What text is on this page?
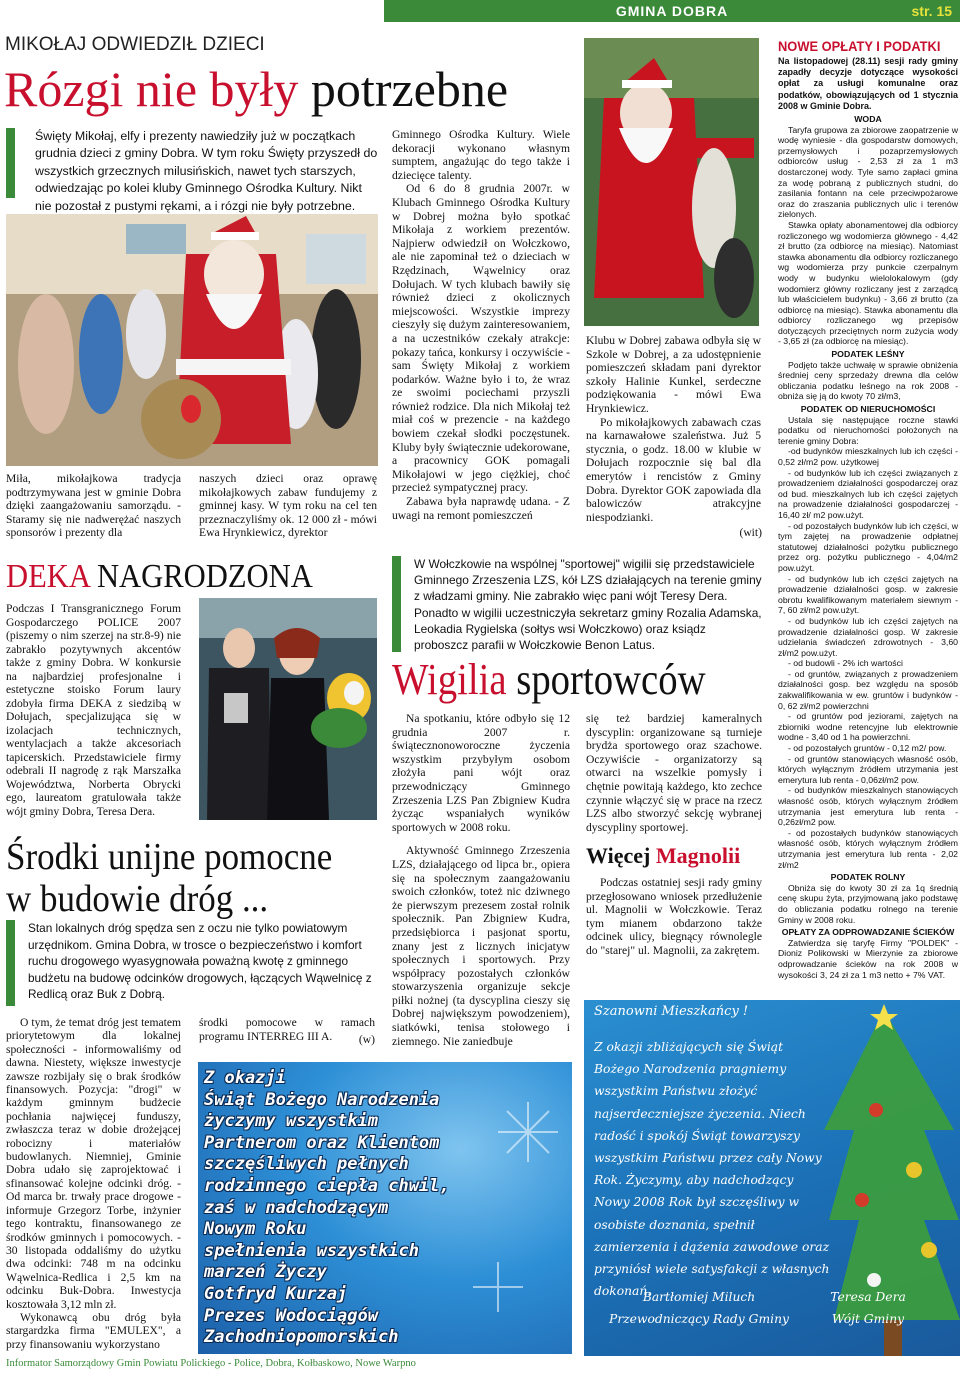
GMINA DOBRA	str. 15
MIKOŁAJ ODWIEDZIŁ DZIECI
Rózgi nie były potrzebne
Święty Mikołaj, elfy i prezenty nawiedziły już w początkach grudnia dzieci z gminy Dobra. W tym roku Święty przyszedł do wszystkich grzecznych milusińskich, nawet tych starszych, odwiedzając po kolei kluby Gminnego Ośrodka Kultury. Nikt nie pozostał z pustymi rękami, a i rózgi nie były potrzebne.
Miła, mikołajkowa tradycja podtrzymywana jest w gminie Dobra dzięki zaangażowaniu samorządu. - Staramy się nie nadwerężać naszych sponsorów i prezenty dla
naszych dzieci oraz oprawę mikołajkowych zabaw fundujemy z gminnej kasy. W tym roku na cel ten przeznaczyliśmy ok. 12 000 zł - mówi Ewa Hrynkiewicz, dyrektor

Gminnego Ośrodka Kultury. Wiele dekoracji wykonano własnym sumptem, angażując do tego także i dziecięce talenty.

Od 6 do 8 grudnia 2007r. w Klubach Gminnego Ośrodka Kultury w Dobrej można było spotkać Mikołaja z workiem prezentów. Najpierw odwiedził on Wołczkowo, ale nie zapominał też o dzieciach w Rzędzinach, Wąwelnicy oraz Dołujach. W tych klubach bawiły się również dzieci z okolicznych miejscowości. Wszystkie imprezy cieszyły się dużym zainteresowaniem, a na uczestników czekały atrakcje: pokazy tańca, konkursy i oczywiście - sam Święty Mikołaj z workiem podarków. Ważne było i to, że wraz ze swoimi pociechami przyszli również rodzice. Dla nich Mikołaj też miał coś w prezencie - na każdego bowiem czekał słodki poczęstunek. Kluby były świątecznie udekorowane, a pracownicy GOK pomagali Mikołajowi w jego ciężkiej, choć przecież sympatycznej pracy.

Zabawa była naprawdę udana. - Z uwagi na remont pomieszczeń

Klubu w Dobrej zabawa odbyła się w Szkole w Dobrej, a za udostępnienie pomieszczeń składam pani dyrektor szkoły Halinie Kunkel, serdeczne podziękowania - mówi Ewa Hrynkiewicz.

Po mikołajkowych zabawach czas na karnawałowe szaleństwa. Już 5 stycznia, o godz. 18.00 w klubie w Dołujach rozpocznie się bal dla emerytów i rencistów z Gminy Dobra. Dyrektor GOK zapowiada dla balowiczów atrakcyjne niespodzianki.

(wit)
DEKA NAGRODZONA
Podczas I Transgranicznego Forum Gospodarczego POLICE 2007 (piszemy o nim szerzej na str.8-9) nie zabrakło pozytywnych akcentów także z gminy Dobra. W konkursie na najbardziej profesjonalne i estetyczne stoisko Forum laury zdobyła firma DEKA z siedzibą w Dołujach, specjalizująca się w izolacjach technicznych, wentylacjach a także akcesoriach tapicerskich. Przedstawiciele firmy odebrali II nagrodę z rąk Marszałka Województwa, Norberta Obrycki ego, laureatom gratulowała także wójt gminy Dobra, Teresa Dera.
Środki unijne pomocne
w budowie dróg ...
Stan lokalnych dróg spędza sen z oczu nie tylko powiatowym urzędnikom. Gmina Dobra, w trosce o bezpieczeństwo i komfort ruchu drogowego wyasygnowała poważną kwotę z gminnego budżetu na budowę odcinków drogowych, łączących Wąwelnicę z Redlicą oraz Buk z Dobrą.

O tym, że temat dróg jest tematem priorytetowym dla lokalnej społeczności - informowaliśmy od dawna. Niestety, większe inwestycje zawsze rozbijały się o brak środków finansowych. Pozycja: "drogi" w każdym gminnym budżecie pochłania najwięcej funduszy, zwłaszcza teraz w dobie drożejącej robocizny i materiałów budowlanych. Niemniej, Gminie Dobra udało się zaprojektować i sfinansować kolejne odcinki dróg. - Od marca br. trwały prace drogowe - informuje Grzegorz Torbe, inżynier tego kontraktu, finansowanego ze środków gminnych i pomocowych. - 30 listopada oddaliśmy do użytku dwa odcinki: 748 m na odcinku Wąwelnica-Redlica i 2,5 km na odcinku Buk-Dobra. Inwestycja kosztowała 3,12 mln zł.

Wykonawcą obu dróg była stargardzka firma "EMULEX", a przy finansowaniu wykorzystano

środki pomocowe w ramach programu INTERREG III A.	(w)
Z okazji
Świąt Bożego Narodzenia
życzymy wszystkim
Partnerom oraz Klientom
szczęśliwych pełnych
rodzinnego ciepła chwil,
zaś w nadchodzącym
Nowym Roku
spełnienia wszystkich
marzeń Życzy
Gotfryd Kurzaj
Prezes Wodociągów
Zachodniopomorskich
W Wołczkowie na wspólnej "sportowej" wigilii się przedstawiciele Gminnego Zrzeszenia LZS, kół LZS działających na terenie gminy z władzami gminy. Nie zabrakło więc pani wójt Teresy Dera. Ponadto w wigilii uczestniczyła sekretarz gminy Rozalia Adamska, Leokadia Rygielska (sołtys wsi Wołczkowo) oraz ksiądz proboszcz parafii w Wołczkowie Benon Latus.
Wigilia sportowców

Na spotkaniu, które odbyło się 12 grudnia 2007 r. świątecznonoworoczne życzenia wszystkim przybyłym osobom złożyła pani wójt oraz przewodniczący Gminnego Zrzeszenia LZS Pan Zbigniew Kudra życząc wspaniałych wyników sportowych w 2008 roku.

Aktywność Gminnego Zrzeszenia LZS, działającego od lipca br., opiera się na społecznym zaangażowaniu swoich członków, toteż nic dziwnego że pierwszym prezesem został rolnik społecznik. Pan Zbigniew Kudra, przedsiębiorca i pasjonat sportu, znany jest z licznych inicjatyw społecznych i sportowych. Przy współpracy pozostałych członków stowarzyszenia organizuje sekcje piłki nożnej (ta dyscyplina cieszy się Dobrej największym powodzeniem), siatkówki, tenisa stołowego i ziemnego. Nie zaniedbuje

się też bardziej kameralnych dyscyplin: organizowane są turnieje brydża sportowego oraz szachowe. Oczywiście - organizatorzy są otwarci na wszelkie pomysły i chętnie powitają każdego, kto zechce czynnie włączyć się w prace na rzecz LZS albo stworzyć sekcję wybranej dyscypliny sportowej.
Więcej Magnolii
Podczas ostatniej sesji rady gminy przegłosowano wniosek przedłużenie ul. Magnolii w Wołczkowie. Teraz tym mianem obdarzono także odcinek ulicy, biegnący równolegle do "starej" ul. Magnolii, za zakrętem.
Szanowni Mieszkańcy !
Z okazji zbliżających się Świąt Bożego Narodzenia pragniemy wszystkim Państwu złożyć najserdeczniejsze życzenia. Niech radość i spokój Świąt towarzyszy wszystkim Państwu przez cały Nowy Rok. Życzymy, aby nadchodzący Nowy 2008 Rok był szczęśliwy w osobiste doznania, spełnił zamierzenia i dążenia zawodowe oraz przyniósł wiele satysfakcji z własnych dokonań.
Bartłomiej Miluch
Przewodniczący Rady Gminy
Teresa Dera
Wójt Gminy
NOWE OPŁATY I PODATKI
Na listopadowej (28.11) sesji rady gminy zapadły decyzje dotyczące wysokości opłat za usługi komunalne oraz podatków, obowiązujących od 1 stycznia 2008 w Gminie Dobra.
WODA

Taryfa grupowa za zbiorowe zaopatrzenie w wodę wyniesie - dla gospodarstw domowych, przemysłowych i pozaprzemysłowych odbiorców usług - 2,53 zł za 1 m3 dostarczonej wody. Tyle samo zapłaci gmina za wodę pobraną z publicznych studni, do zasilania fontann na cele przeciwpożarowe oraz do zraszania publicznych ulic i terenów zielonych.

Stawka opłaty abonamentowej dla odbiorcy rozliczonego wg wodomierza głównego - 4,42 zł brutto (za odbiorcę na miesiąc). Natomiast stawka abonamentu dla odbiorcy rozliczanego wg wodomierza przy punkcie czerpalnym wody w budynku wielolokalowym (gdy wodomierz główny rozliczany jest z zarządcą lub właścicielem budynku) - 3,66 zł brutto (za odbiorcę na miesiąc). Stawka abonamentu dla odbiorcy rozliczanego wg przepisów dotyczących przeciętnych norm zużycia wody - 3,65 zł (za odbiorcę na miesiąc).

PODATEK LEŚNY

Podjęto także uchwałę w sprawie obniżenia średniej ceny sprzedaży drewna dla celów obliczania podatku leśnego na rok 2008 - obniża się ją do kwoty 70 zł/m3,

PODATEK OD NIERUCHOMOŚCI

Ustala się następujące roczne stawki podatku od nieruchomości położonych na terenie gminy Dobra:

-od budynków mieszkalnych lub ich części - 0,52 zł/m2 pow. użytkowej

- od budynków lub ich części związanych z prowadzeniem działalności gospodarczej oraz od bud. mieszkalnych lub ich części zajętych na prowadzenie działalności gospodarczej - 16,40 zł/ m2 pow.użyt.

- od pozostałych budynków lub ich części, w tym zajętej na prowadzenie odpłatnej statutowej działalności pożytku publicznego przez org. pożytku publicznego - 4,04/m2 pow.użyt.

- od budynków lub ich części zajętych na prowadzenie działalności gosp. w zakresie obrotu kwalifikowanym materiałem siewnym - 7, 60 zł/m2 pow.użyt.

- od budynków lub ich części zajętych na prowadzenie działalności gosp. W zakresie udzielania świadczeń zdrowotnych - 3,60 zł/m2 pow.użyt.

- od budowli - 2% ich wartości

- od gruntów, związanych z prowadzeniem działalności gosp. bez względu na sposób zakwalifikowania w ew. gruntów i budynków - 0, 62 zł/m2 powierzchni

- od gruntów pod jeziorami, zajętych na zbiorniki wodne retencyjne lub elektrownie wodne - 3,40 od 1 ha powierzchni.

- od pozostałych gruntów - 0,12 m2/ pow.

- od gruntów stanowiących własność osób, których wyłącznym źródłem utrzymania jest emerytura lub renta - 0,06zł/m2 pow.

- od budynków mieszkalnych stanowiących własność osób, których wyłącznym źródłem utrzymania jest emerytura lub renta - 0,26zł/m2 pow.

- od pozostałych budynków stanowiących własność osób, których wyłącznym źródłem utrzymania jest emerytura lub renta - 2,02 zł/m2

PODATEK ROLNY

Obniża się do kwoty 30 zł za 1q średnią cenę skupu żyta, przyjmowaną jako podstawę do obliczania podatku rolnego na terenie Gminy w 2008 roku.

OPŁATY ZA ODPROWADZANIE ŚCIEKÓW

Zatwierdza się taryfę Firmy "POLDEK" - Dioniz Polikowski w Mierzynie za zbiorowe odprowadzanie ścieków na rok 2008 w wysokości 3, 24 zł za 1 m3 netto + 7% VAT.

Informator Samorządowy Gmin Powiatu Polickiego - Police, Dobra, Kołbaskowo, Nowe Warpno
